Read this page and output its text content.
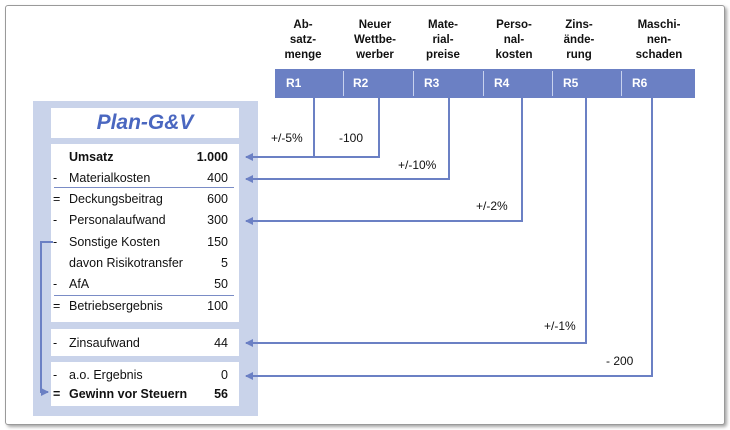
Ab-
satz-
menge
Neuer
Wettbe-
werber
Mate-
rial-
preise
Perso-
nal-
kosten
Zins-
ände-
rung
Maschi-
nen-
schaden
R1	R2	R3	R4	R5	R6
Plan-G&V
Umsatz	1.000
- Materialkosten	400
= Deckungsbeitrag	600
- Personalaufwand	300
- Sonstige Kosten	150
davon Risikotransfer	5
- AfA	50
= Betriebsergebnis	100
- Zinsaufwand	44
- a.o. Ergebnis	0
= Gewinn vor Steuern 56
+/-5%	-100
+/-10%
+/-2%
+/-1%
- 200
